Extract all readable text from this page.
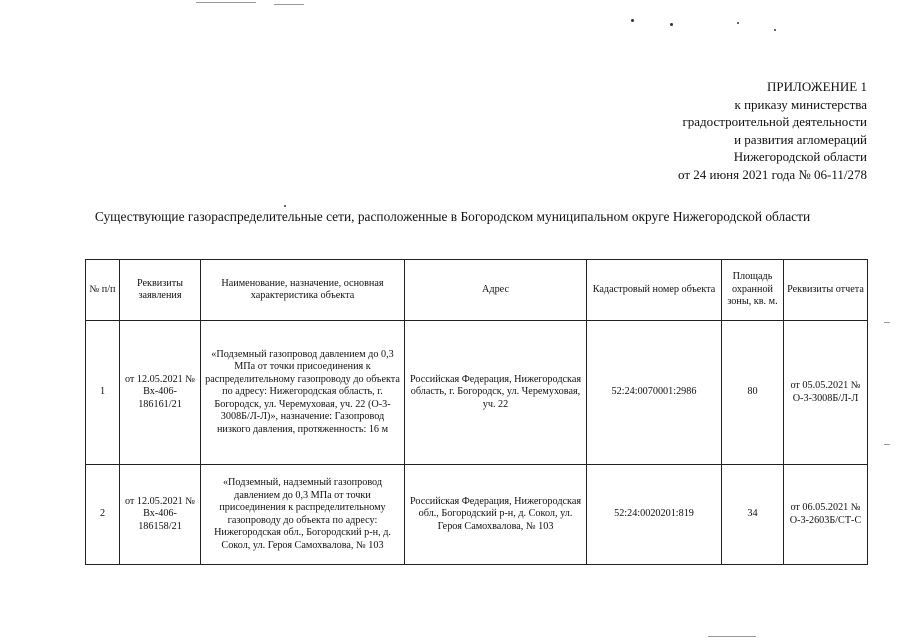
ПРИЛОЖЕНИЕ 1
к приказу министерства
градостроительной деятельности
и развития агломераций
Нижегородской области
от 24 июня 2021 года № 06-11/278
Существующие газораспределительные сети, расположенные в Богородском муниципальном округе Нижегородской области
№ п/п	Реквизиты заявления	Наименование, назначение, основная характеристика объекта	Адрес	Кадастровый номер объекта	Площадь охранной зоны, кв. м.	Реквизиты отчета
1	от 12.05.2021 № Вх-406-186161/21	«Подземный газопровод давлением до 0,3 МПа от точки присоединения к распределительному газопроводу до объекта по адресу: Нижегородская область, г. Богородск, ул. Черемуховая, уч. 22 (О-3-3008Б/Л-Л)», назначение: Газопровод низкого давления, протяженность: 16 м	Российская Федерация, Нижегородская область, г. Богородск, ул. Черемуховая, уч. 22	52:24:0070001:2986	80	от 05.05.2021 № О-3-3008Б/Л-Л
2	от 12.05.2021 № Вх-406-186158/21	«Подземный, надземный газопровод давлением до 0,3 МПа от точки присоединения к распределительному газопроводу до объекта по адресу: Нижегородская обл., Богородский р-н, д. Сокол, ул. Героя Самохвалова, № 103	Российская Федерация, Нижегородская обл., Богородский р-н, д. Сокол, ул. Героя Самохвалова, № 103	52:24:0020201:819	34	от 06.05.2021 № О-3-2603Б/СТ-С
